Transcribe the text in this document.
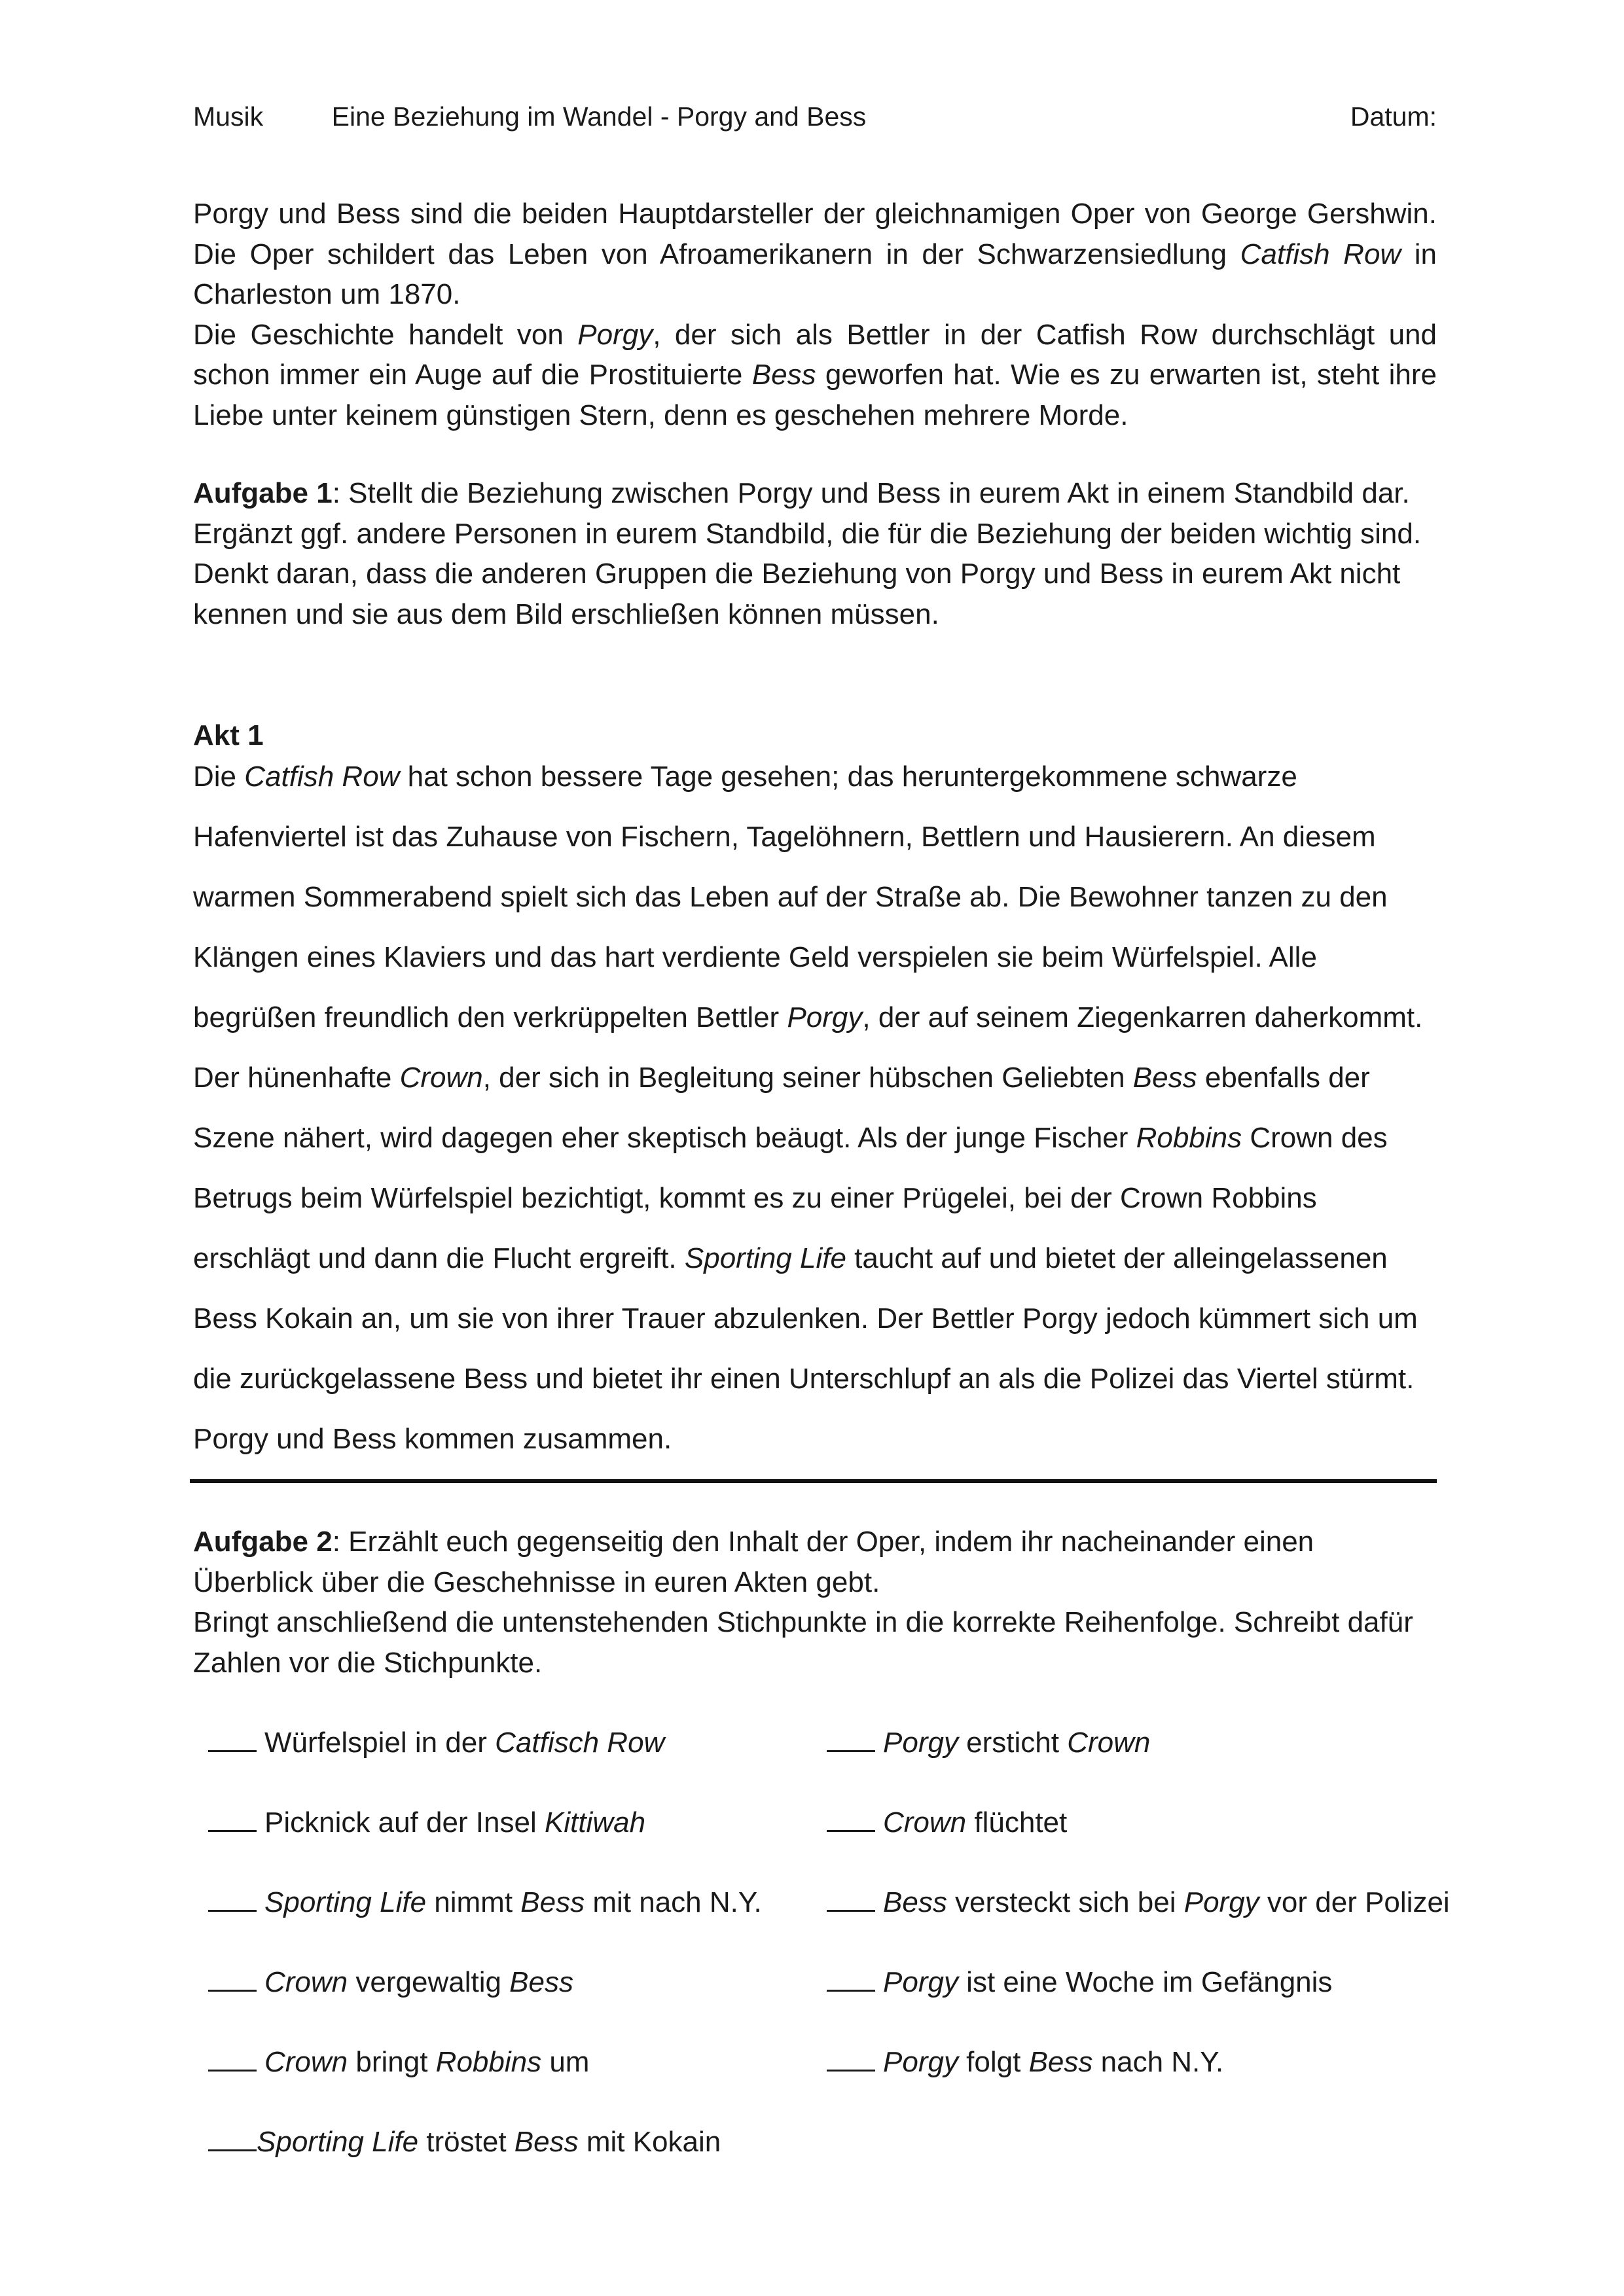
Musik	Eine Beziehung im Wandel - Porgy and Bess	Datum:

Porgy und Bess sind die beiden Hauptdarsteller der gleichnamigen Oper von George Gershwin. Die Oper schildert das Leben von Afroamerikanern in der Schwarzensiedlung Catfish Row in Charleston um 1870.

Die Geschichte handelt von Porgy, der sich als Bettler in der Catfish Row durchschlägt und schon immer ein Auge auf die Prostituierte Bess geworfen hat. Wie es zu erwarten ist, steht ihre Liebe unter keinem günstigen Stern, denn es geschehen mehrere Morde.

Aufgabe 1: Stellt die Beziehung zwischen Porgy und Bess in eurem Akt in einem Standbild dar. Ergänzt ggf. andere Personen in eurem Standbild, die für die Beziehung der beiden wichtig sind.

Denkt daran, dass die anderen Gruppen die Beziehung von Porgy und Bess in eurem Akt nicht kennen und sie aus dem Bild erschließen können müssen.

Akt 1

Die Catfish Row hat schon bessere Tage gesehen; das heruntergekommene schwarze Hafenviertel ist das Zuhause von Fischern, Tagelöhnern, Bettlern und Hausierern. An diesem warmen Sommerabend spielt sich das Leben auf der Straße ab. Die Bewohner tanzen zu den Klängen eines Klaviers und das hart verdiente Geld verspielen sie beim Würfelspiel. Alle begrüßen freundlich den verkrüppelten Bettler Porgy, der auf seinem Ziegenkarren daherkommt. Der hünenhafte Crown, der sich in Begleitung seiner hübschen Geliebten Bess ebenfalls der Szene nähert, wird dagegen eher skeptisch beäugt. Als der junge Fischer Robbins Crown des Betrugs beim Würfelspiel bezichtigt, kommt es zu einer Prügelei, bei der Crown Robbins erschlägt und dann die Flucht ergreift. Sporting Life taucht auf und bietet der alleingelassenen Bess Kokain an, um sie von ihrer Trauer abzulenken. Der Bettler Porgy jedoch kümmert sich um die zurückgelassene Bess und bietet ihr einen Unterschlupf an als die Polizei das Viertel stürmt. Porgy und Bess kommen zusammen.

Aufgabe 2: Erzählt euch gegenseitig den Inhalt der Oper, indem ihr nacheinander einen Überblick über die Geschehnisse in euren Akten gebt.

Bringt anschließend die untenstehenden Stichpunkte in die korrekte Reihenfolge. Schreibt dafür Zahlen vor die Stichpunkte.

Würfelspiel in der Catfisch Row
Picknick auf der Insel Kittiwah
Sporting Life nimmt Bess mit nach N.Y.
Crown vergewaltig Bess
Crown bringt Robbins um
Sporting Life tröstet Bess mit Kokain
Porgy ersticht Crown
Crown flüchtet
Bess versteckt sich bei Porgy vor der Polizei
Porgy ist eine Woche im Gefängnis
Porgy folgt Bess nach N.Y.
